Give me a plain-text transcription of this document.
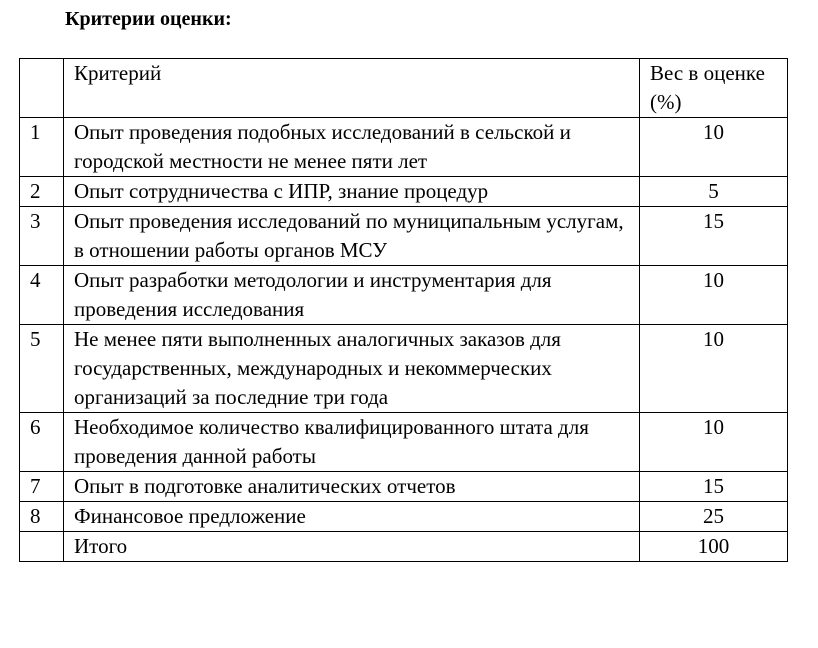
Критерии оценки:
	Критерий	Вес в оценке (%)
1	Опыт проведения подобных исследований в сельской и городской местности не менее пяти лет	10
2	Опыт сотрудничества с ИПР, знание процедур	5
3	Опыт проведения исследований по муниципальным услугам, в отношении работы органов МСУ	15
4	Опыт разработки методологии и инструментария для проведения исследования	10
5	Не менее пяти выполненных аналогичных заказов для государственных, международных и некоммерческих организаций за последние три года	10
6	Необходимое количество квалифицированного штата для проведения данной работы	10
7	Опыт в подготовке аналитических отчетов	15
8	Финансовое предложение	25
	Итого	100
